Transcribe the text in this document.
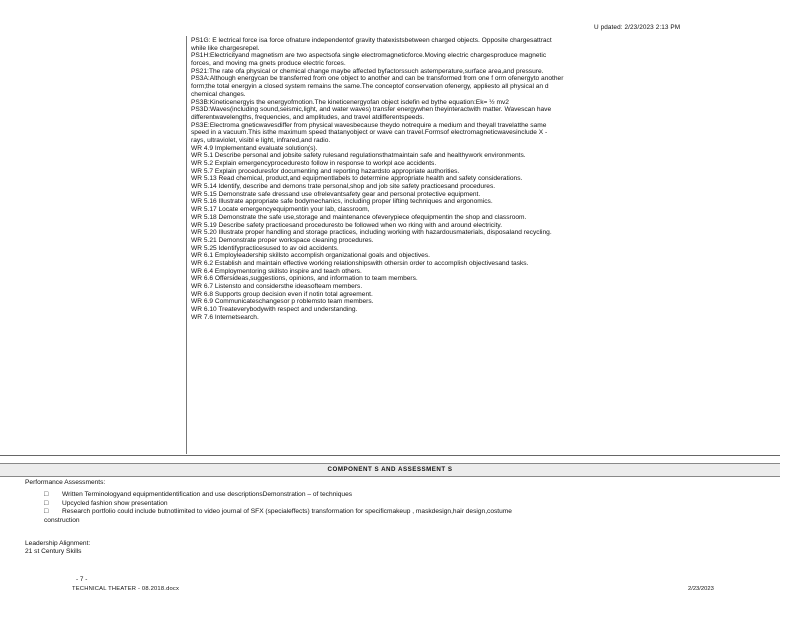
U pdated: 2/23/2023 2:13 PM
PS1G: E lectrical force isa force ofnature independentof gravity thatexistsbetween charged objects. Opposite chargesattract
while like chargesrepel.
PS1H:Electricityand magnetism are two aspectsofa single electromagneticforce.Moving electric chargesproduce magnetic
forces, and moving ma gnets produce electric forces.
PS21:The rate ofa physical or chemical change maybe affected byfactorssuch astemperature,surface area,and pressure.
PS3A:Although energycan be transferred from one object to another and can be transformed from one f orm ofenergyto another
form;the total energyin a closed system remains the same.The conceptof conservation ofenergy, appliesto all physical an d
chemical changes.
PS3B:Kineticenergyis the energyofmotion.The kineticenergyofan object isdefin ed bythe equation:Ek= ½ mv2
PS3D:Waves(including sound,seismic,light, and water waves) transfer energywhen theyinteractwith matter. Wavescan have
differentwavelengths, frequencies, and amplitudes, and travel atdifferentspeeds.
PS3E:Electroma gneticwavesdiffer from physical wavesbecause theydo notrequire a medium and theyall travelatthe same
speed in a vacuum.This isthe maximum speed thatanyobject or wave can travel.Formsof electromagneticwavesinclude X -
rays, ultraviolet, visibl e light, infrared,and radio.
WR 4.9 Implementand evaluate solution(s).
WR 5.1 Describe personal and jobsite safety rulesand regulationsthatmaintain safe and healthywork environments.
WR 5.2 Explain emergencyproceduresto follow in response to workpl ace accidents.
WR 5.7 Explain proceduresfor documenting and reporting hazardsto appropriate authorities.
WR 5.13 Read chemical, product,and equipmentlabels to determine appropriate health and safety considerations.
WR 5.14 Identify, describe and demons trate personal,shop and job site safety practicesand procedures.
WR 5.15 Demonstrate safe dressand use ofrelevantsafety gear and personal protective equipment.
WR 5.16 Illustrate appropriate safe bodymechanics, including proper lifting techniques and ergonomics.
WR 5.17 Locate emergencyequipmentin your lab, classroom,
WR 5.18 Demonstrate the safe use,storage and maintenance ofeverypiece ofequipmentin the shop and classroom.
WR 5.19 Describe safety practicesand proceduresto be followed when wo rking with and around electricity.
WR 5.20 Illustrate proper handling and storage practices, including working with hazardousmaterials, disposaland recycling.
WR 5.21 Demonstrate proper workspace cleaning procedures.
WR 5.25 Identifypracticesused to av oid accidents.
WR 6.1 Employleadership skillsto accomplish organizational goals and objectives.
WR 6.2 Establish and maintain effective working relationshipswith othersin order to accomplish objectivesand tasks.
WR 6.4 Employmentoring skillsto inspire and teach others.
WR 6.6 Offersideas,suggestions, opinions, and information to team members.
WR 6.7 Listensto and considersthe ideasofteam members.
WR 6.8 Supports group decision even if notin total agreement.
WR 6.9 Communicateschangesor p roblemsto team members.
WR 6.10 Treateverybodywith respect and understanding.
WR 7.6 Internetsearch.
COMPONENT S AND ASSESSMENT S
Performance Assessments:
□	Written Terminologyand equipmentidentification and use descriptionsDemonstration – of techniques
□	Upcycled fashion show presentation
□	Research portfolio could include butnotlimited to video journal of SFX (specialeffects) transformation for specificmakeup , maskdesign,hair design,costume
construction
Leadership Alignment:
21 st Century Skills
- 7 -
TECHNICAL THEATER - 08.2018.docx	2/23/2023
